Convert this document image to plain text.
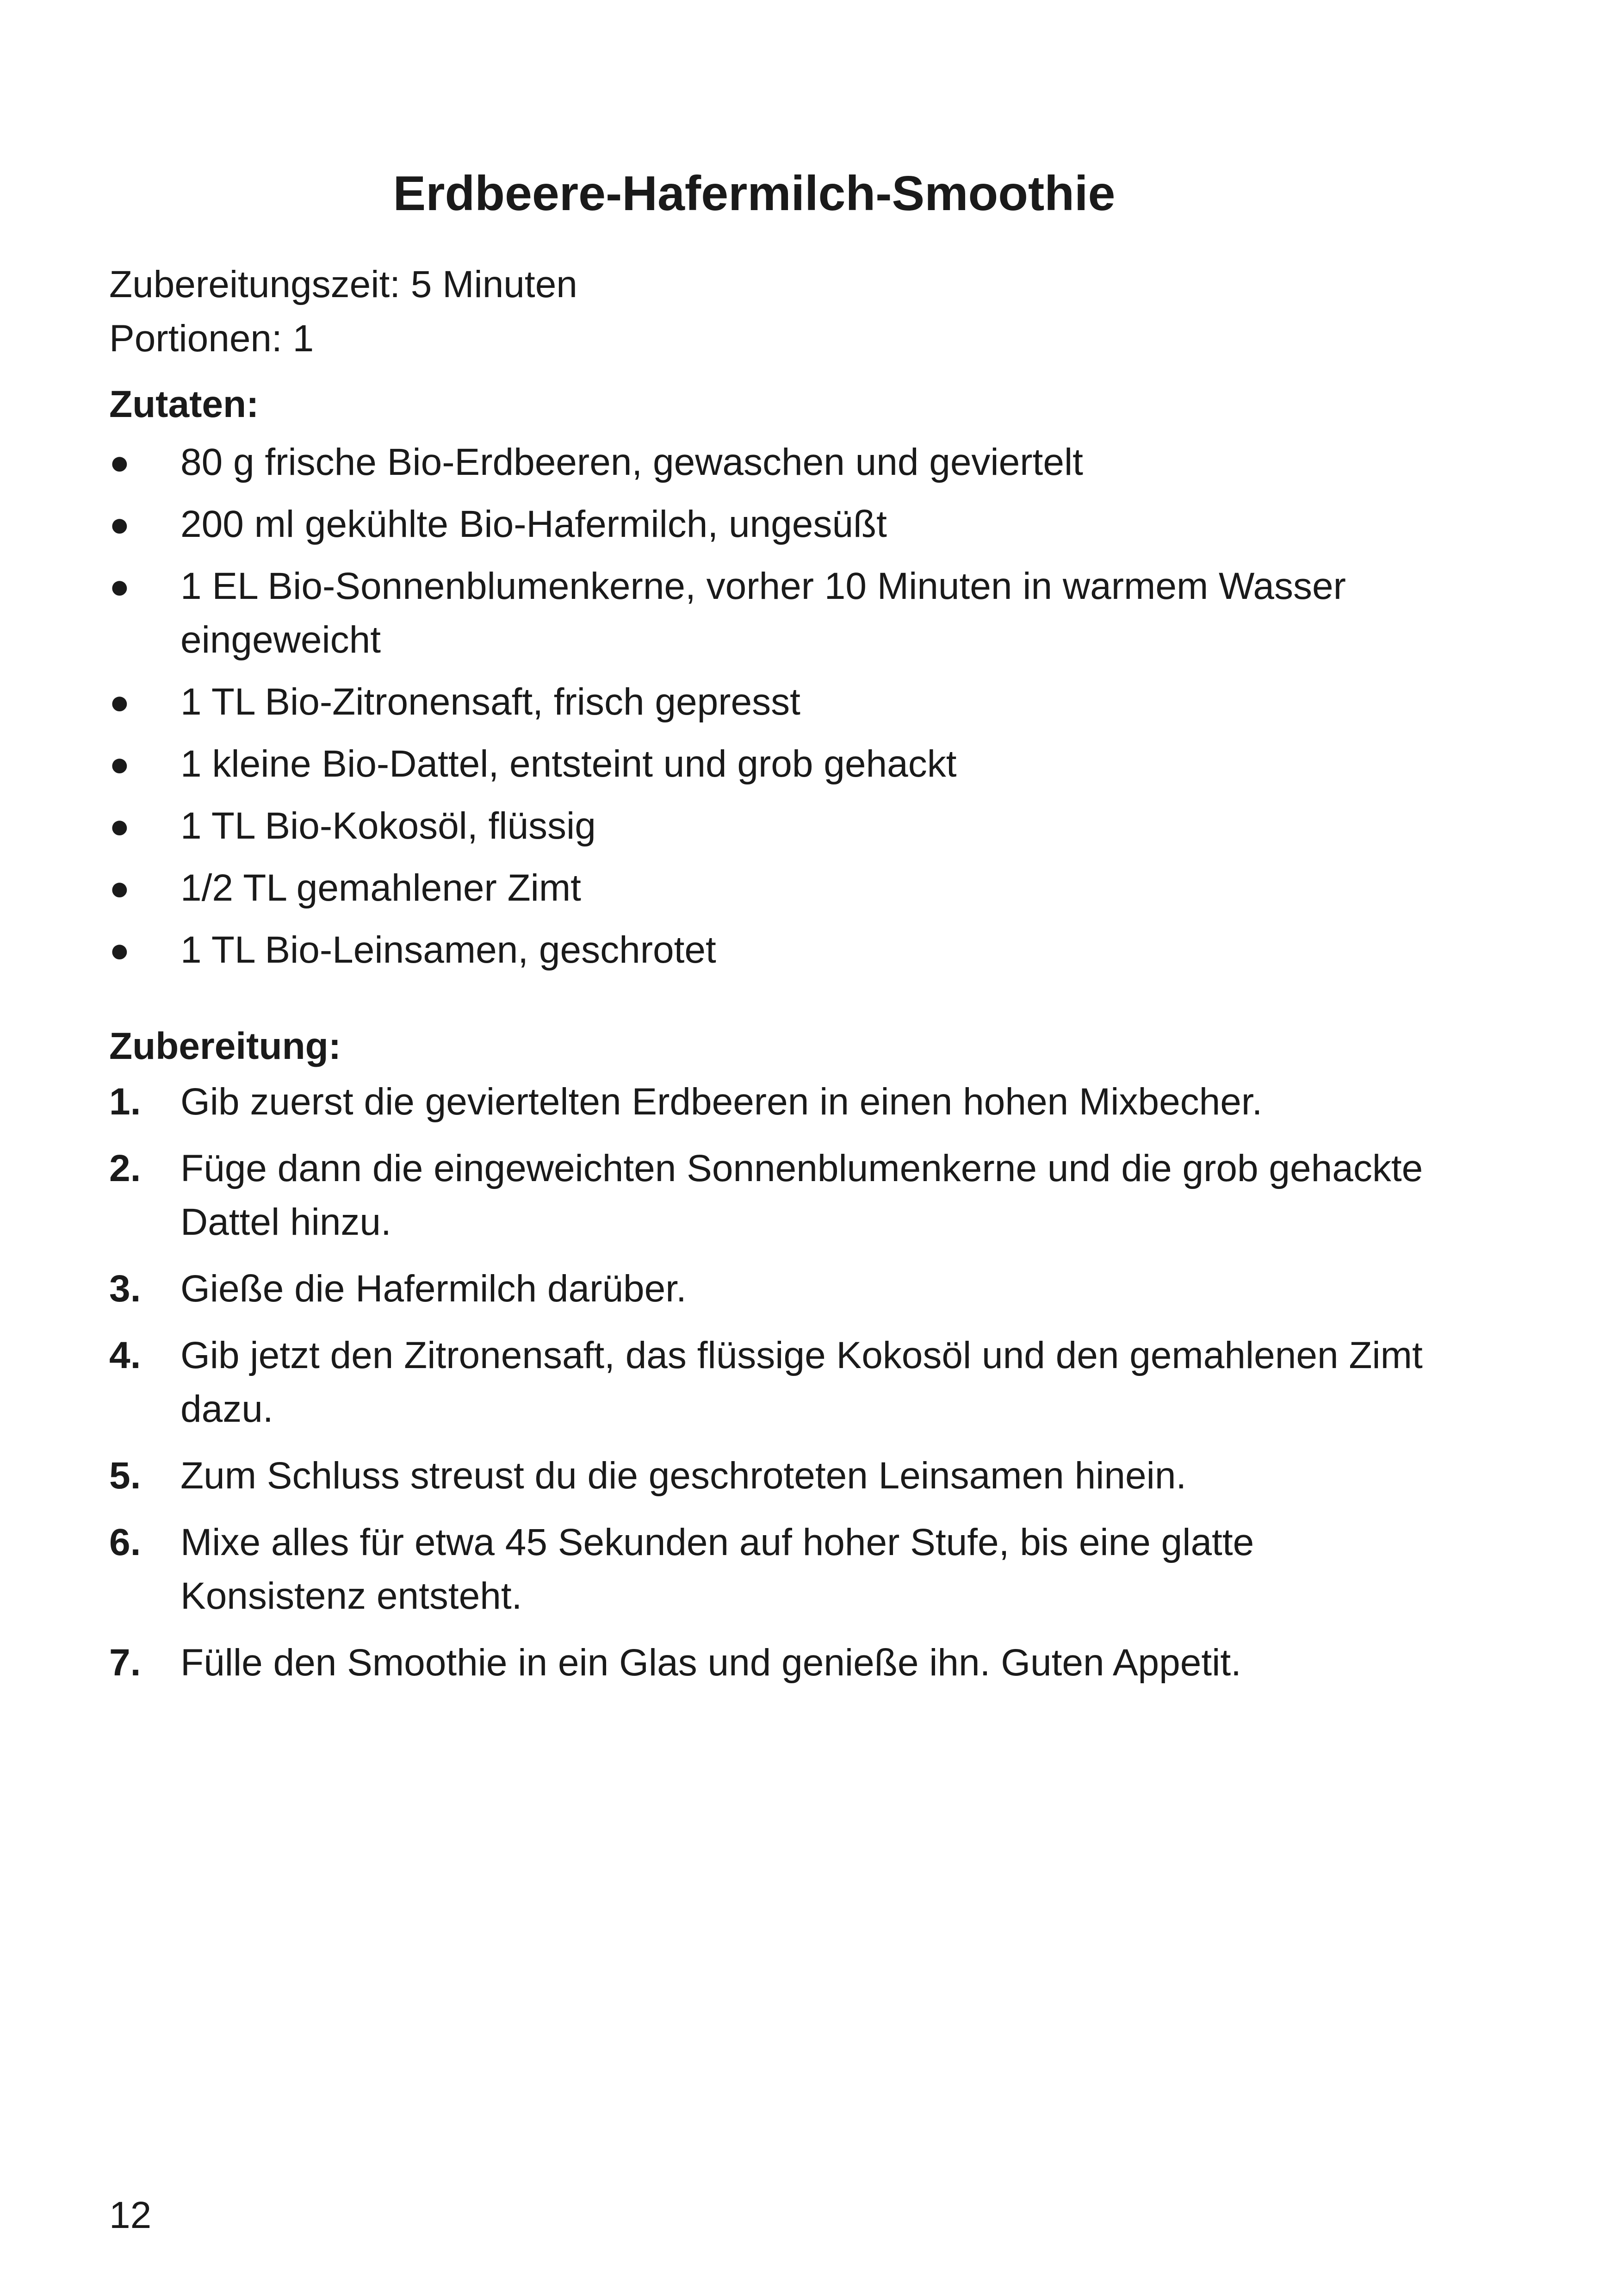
Erdbeere-Hafermilch-Smoothie
Zubereitungszeit: 5 Minuten
Portionen: 1
Zutaten:
● 80 g frische Bio-Erdbeeren, gewaschen und geviertelt
● 200 ml gekühlte Bio-Hafermilch, ungesüßt
● 1 EL Bio-Sonnenblumenkerne, vorher 10 Minuten in warmem Wasser eingeweicht
● 1 TL Bio-Zitronensaft, frisch gepresst
● 1 kleine Bio-Dattel, entsteint und grob gehackt
● 1 TL Bio-Kokosöl, flüssig
● 1/2 TL gemahlener Zimt
● 1 TL Bio-Leinsamen, geschrotet
Zubereitung:
1. Gib zuerst die geviertelten Erdbeeren in einen hohen Mixbecher.
2. Füge dann die eingeweichten Sonnenblumenkerne und die grob gehackte Dattel hinzu.
3. Gieße die Hafermilch darüber.
4. Gib jetzt den Zitronensaft, das flüssige Kokosöl und den gemahlenen Zimt dazu.
5. Zum Schluss streust du die geschroteten Leinsamen hinein.
6. Mixe alles für etwa 45 Sekunden auf hoher Stufe, bis eine glatte Konsistenz entsteht.
7. Fülle den Smoothie in ein Glas und genieße ihn. Guten Appetit.
12
